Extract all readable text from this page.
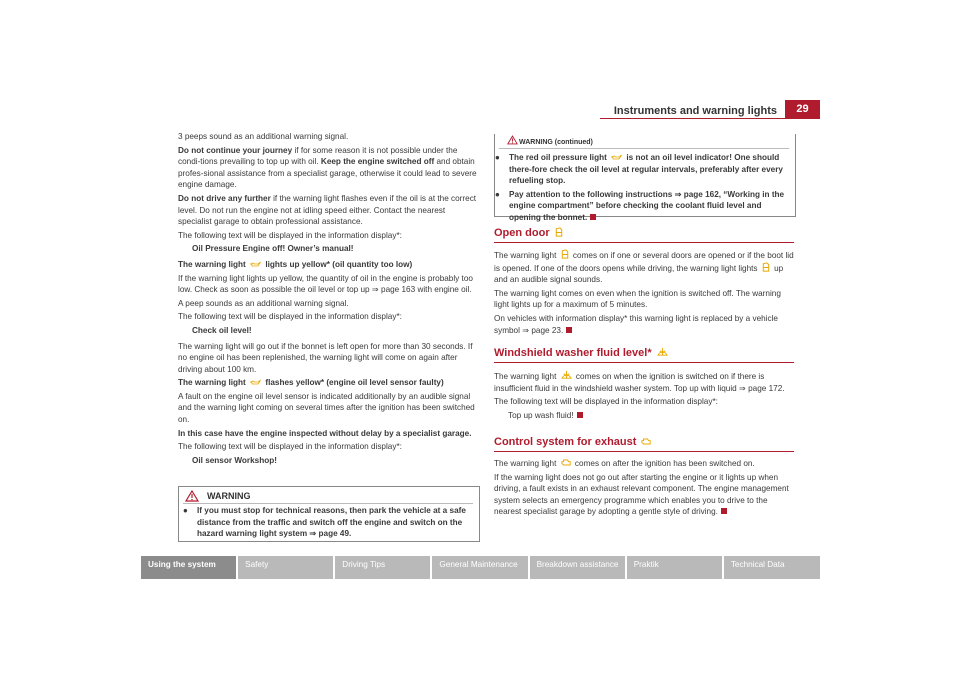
Instruments and warning lights	29

3 peeps sound as an additional warning signal.

Do not continue your journey if for some reason it is not possible under the condi-tions prevailing to top up with oil. Keep the engine switched off and obtain profes-sional assistance from a specialist garage, otherwise it could lead to severe engine damage.

Do not drive any further if the warning light flashes even if the oil is at the correct level. Do not run the engine not at idling speed either. Contact the nearest specialist garage to obtain professional assistance.

The following text will be displayed in the information display*:

Oil Pressure Engine off! Owner’s manual!

The warning light lights up yellow* (oil quantity too low)

If the warning light lights up yellow, the quantity of oil in the engine is probably too low. Check as soon as possible the oil level or top up ⇒ page 163 with engine oil.

A peep sounds as an additional warning signal.

The following text will be displayed in the information display*:

Check oil level!

The warning light will go out if the bonnet is left open for more than 30 seconds. If no engine oil has been replenished, the warning light will come on again after driving about 100 km.

The warning light flashes yellow* (engine oil level sensor faulty)

A fault on the engine oil level sensor is indicated additionally by an audible signal and the warning light coming on several times after the ignition has been switched on.

In this case have the engine inspected without delay by a specialist garage.

The following text will be displayed in the information display*:

Oil sensor Workshop!

WARNING

● If you must stop for technical reasons, then park the vehicle at a safe distance from the traffic and switch off the engine and switch on the hazard warning light system ⇒ page 49.

WARNING (continued)

● The red oil pressure light is not an oil level indicator! One should there-fore check the oil level at regular intervals, preferably after every refueling stop.

● Pay attention to the following instructions ⇒ page 162, “Working in the engine compartment” before checking the coolant fluid level and opening the bonnet.

Open door

The warning light comes on if one or several doors are opened or if the boot lid is opened. If one of the doors opens while driving, the warning light lights up and an audible signal sounds.

The warning light comes on even when the ignition is switched off. The warning light lights up for a maximum of 5 minutes.

On vehicles with information display* this warning light is replaced by a vehicle symbol ⇒ page 23.

Windshield washer fluid level*

The warning light comes on when the ignition is switched on if there is insufficient fluid in the windshield washer system. Top up with liquid ⇒ page 172.

The following text will be displayed in the information display*:

Top up wash fluid!

Control system for exhaust

The warning light comes on after the ignition has been switched on.

If the warning light does not go out after starting the engine or it lights up when driving, a fault exists in an exhaust relevant component. The engine management system selects an emergency programme which enables you to drive to the nearest specialist garage by adopting a gentle style of driving.

Using the system	Safety	Driving Tips	General Maintenance	Breakdown assistance	Praktik	Technical Data
